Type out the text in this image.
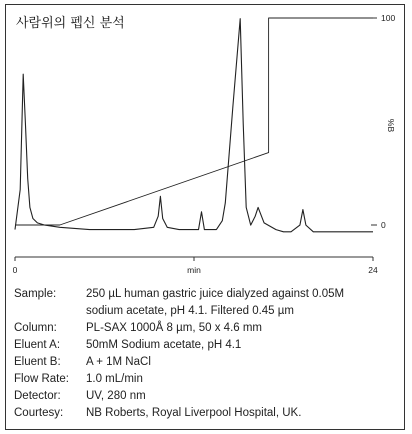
0	min	24
0
100
%B
사람위의 펩신 분석
Sample:	250 µL human gastric juice dialyzed against 0.05M
sodium acetate, pH 4.1. Filtered 0.45 µm
Column:	PL-SAX 1000Å 8 µm, 50 x 4.6 mm
Eluent A:	50mM Sodium acetate, pH 4.1
Eluent B:	A + 1M NaCl
Flow Rate:	1.0 mL/min
Detector:	UV, 280 nm
Courtesy:	NB Roberts, Royal Liverpool Hospital, UK.
